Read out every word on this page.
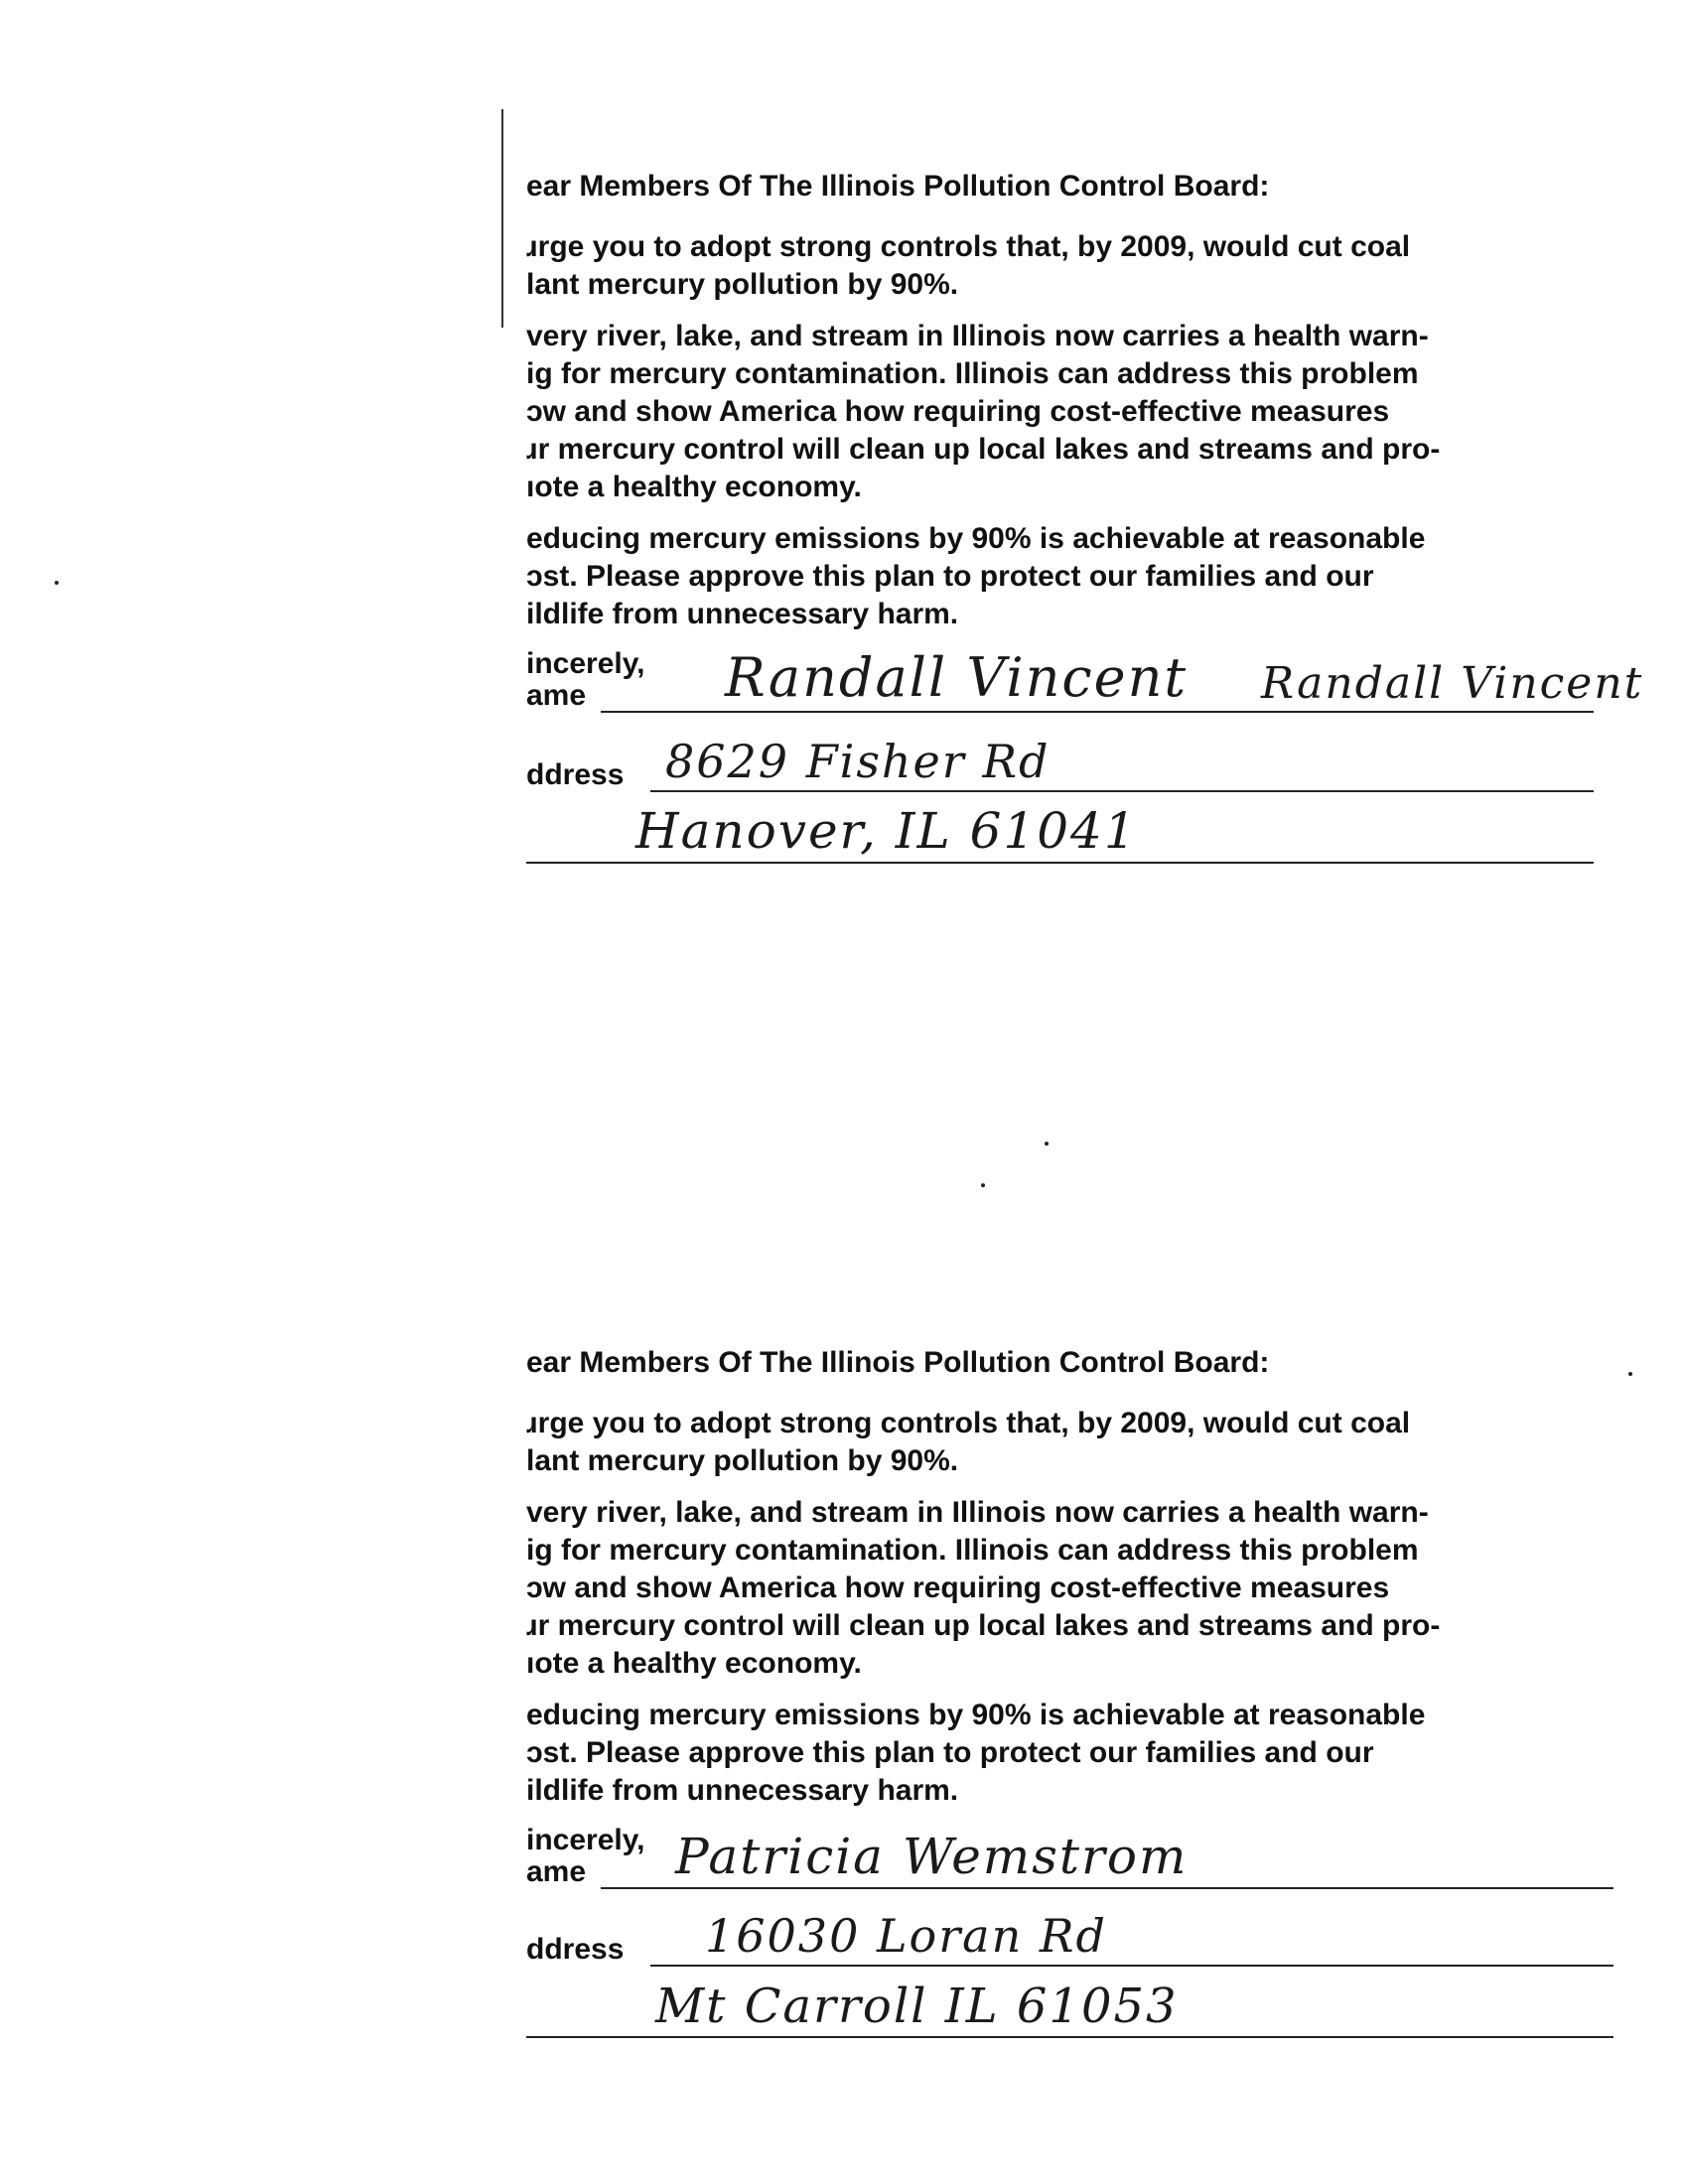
ear Members Of The Illinois Pollution Control Board:
ɹrge you to adopt strong controls that, by 2009, would cut coal
lant mercury pollution by 90%.
very river, lake, and stream in Illinois now carries a health warn-
ig for mercury contamination. Illinois can address this problem
ɔw and show America how requiring cost-effective measures
ɹr mercury control will clean up local lakes and streams and pro-
ıote a healthy economy.
educing mercury emissions by 90% is achievable at reasonable
ɔst. Please approve this plan to protect our families and our
ildlife from unnecessary harm.
incerely,
ame	Randall Vincent Randall Vincent
ddress 8629 Fisher Rd
Hanover, IL 61041
ear Members Of The Illinois Pollution Control Board:
ɹrge you to adopt strong controls that, by 2009, would cut coal
lant mercury pollution by 90%.
very river, lake, and stream in Illinois now carries a health warn-
ig for mercury contamination. Illinois can address this problem
ɔw and show America how requiring cost-effective measures
ɹr mercury control will clean up local lakes and streams and pro-
ıote a healthy economy.
educing mercury emissions by 90% is achievable at reasonable
ɔst. Please approve this plan to protect our families and our
ildlife from unnecessary harm.
incerely,
ame Patricia Wemstrom
ddress 16030 Loran Rd
Mt Carroll IL 61053
